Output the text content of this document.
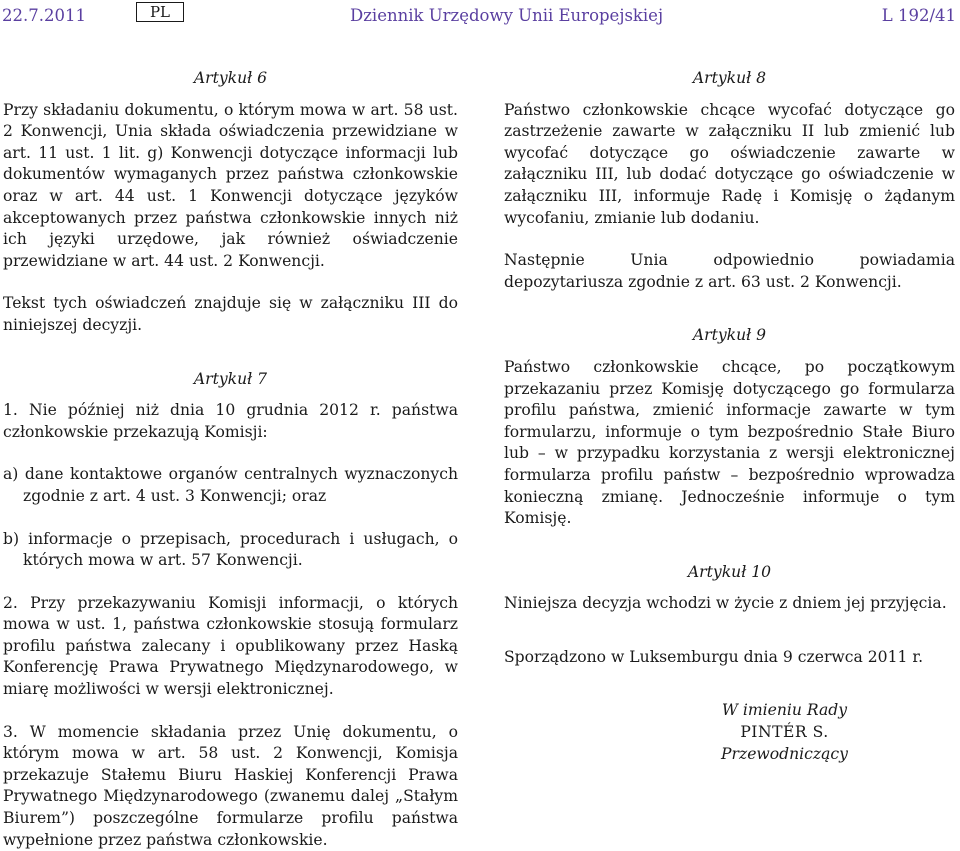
22.7.2011	PL	Dziennik Urzędowy Unii Europejskiej	L 192/41
Artykuł 6

Przy składaniu dokumentu, o którym mowa w art. 58 ust. 2 Konwencji, Unia składa oświadczenia przewidziane w art. 11 ust. 1 lit. g) Konwencji dotyczące informacji lub dokumentów wymaganych przez państwa członkowskie oraz w art. 44 ust. 1 Konwencji dotyczące języków akceptowanych przez państwa członkowskie innych niż ich języki urzędowe, jak również oświadczenie przewidziane w art. 44 ust. 2 Konwencji.

Tekst tych oświadczeń znajduje się w załączniku III do niniejszej decyzji.

Artykuł 7

1. Nie później niż dnia 10 grudnia 2012 r. państwa członkowskie przekazują Komisji:

a) dane kontaktowe organów centralnych wyznaczonych zgodnie z art. 4 ust. 3 Konwencji; oraz

b) informacje o przepisach, procedurach i usługach, o których mowa w art. 57 Konwencji.

2. Przy przekazywaniu Komisji informacji, o których mowa w ust. 1, państwa członkowskie stosują formularz profilu państwa zalecany i opublikowany przez Haską Konferencję Prawa Prywatnego Międzynarodowego, w miarę możliwości w wersji elektronicznej.

3. W momencie składania przez Unię dokumentu, o którym mowa w art. 58 ust. 2 Konwencji, Komisja przekazuje Stałemu Biuru Haskiej Konferencji Prawa Prywatnego Międzynarodowego (zwanemu dalej „Stałym Biurem”) poszczególne formularze profilu państwa wypełnione przez państwa członkowskie.

Artykuł 8

Państwo członkowskie chcące wycofać dotyczące go zastrzeżenie zawarte w załączniku II lub zmienić lub wycofać dotyczące go oświadczenie zawarte w załączniku III, lub dodać dotyczące go oświadczenie w załączniku III, informuje Radę i Komisję o żądanym wycofaniu, zmianie lub dodaniu.

Następnie Unia odpowiednio powiadamia depozytariusza zgodnie z art. 63 ust. 2 Konwencji.

Artykuł 9

Państwo członkowskie chcące, po początkowym przekazaniu przez Komisję dotyczącego go formularza profilu państwa, zmienić informacje zawarte w tym formularzu, informuje o tym bezpośrednio Stałe Biuro lub – w przypadku korzystania z wersji elektronicznej formularza profilu państw – bezpośrednio wprowadza konieczną zmianę. Jednocześnie informuje o tym Komisję.

Artykuł 10

Niniejsza decyzja wchodzi w życie z dniem jej przyjęcia.

Sporządzono w Luksemburgu dnia 9 czerwca 2011 r.

W imieniu Rady
PINTÉR S.
Przewodniczący
